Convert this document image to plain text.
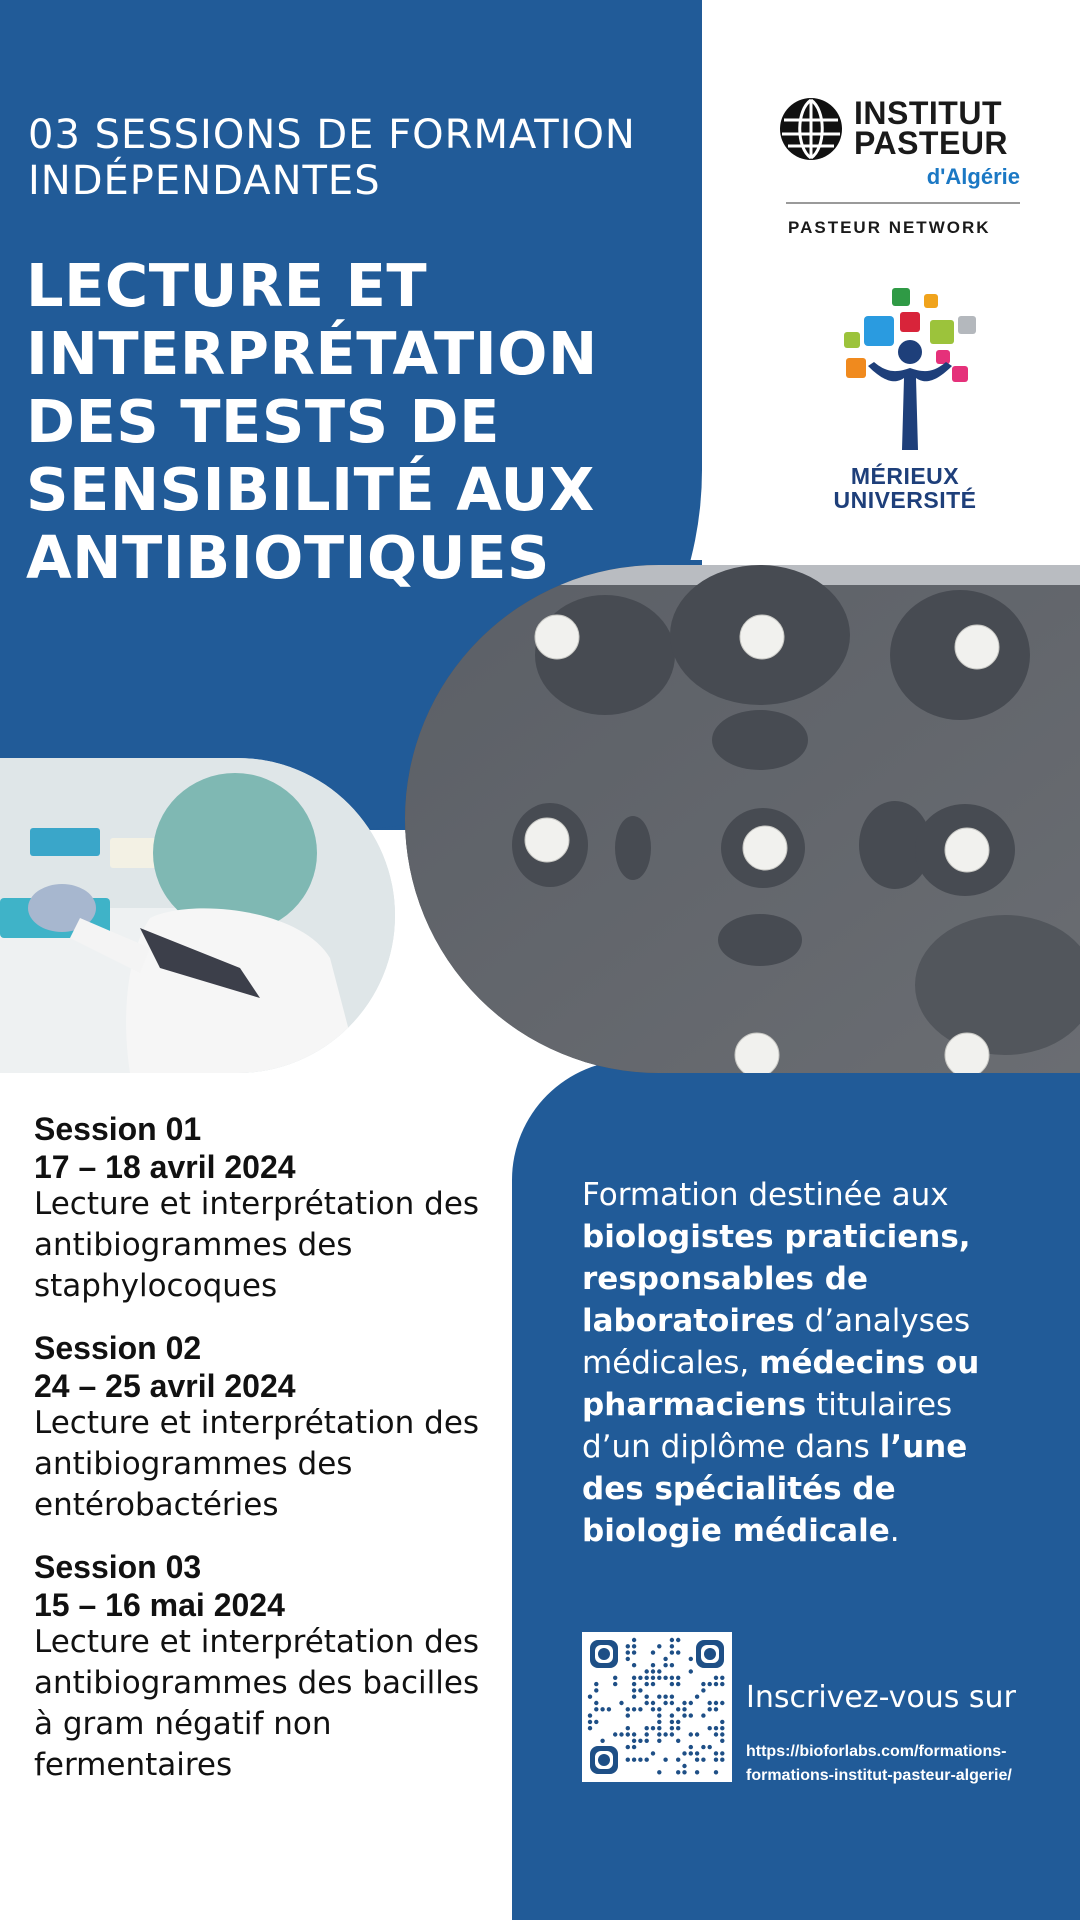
03 SESSIONS DE FORMATION INDÉPENDANTES
LECTURE ET INTERPRÉTATION DES TESTS DE SENSIBILITÉ AUX ANTIBIOTIQUES
INSTITUT
PASTEUR
d'Algérie
PASTEUR NETWORK
MÉRIEUX
UNIVERSITÉ
Session 01
17 – 18 avril 2024
Lecture et interprétation des antibiogrammes des staphylocoques
Session 02
24 – 25 avril 2024
Lecture et interprétation des antibiogrammes des entérobactéries
Session 03
15 – 16 mai 2024
Lecture et interprétation des antibiogrammes des bacilles à gram négatif non fermentaires
Formation destinée aux biologistes praticiens, responsables de laboratoires d’analyses médicales, médecins ou pharmaciens titulaires d’un diplôme dans l’une des spécialités de biologie médicale.
Inscrivez-vous sur
https://bioforlabs.com/formations-
formations-institut-pasteur-algerie/
